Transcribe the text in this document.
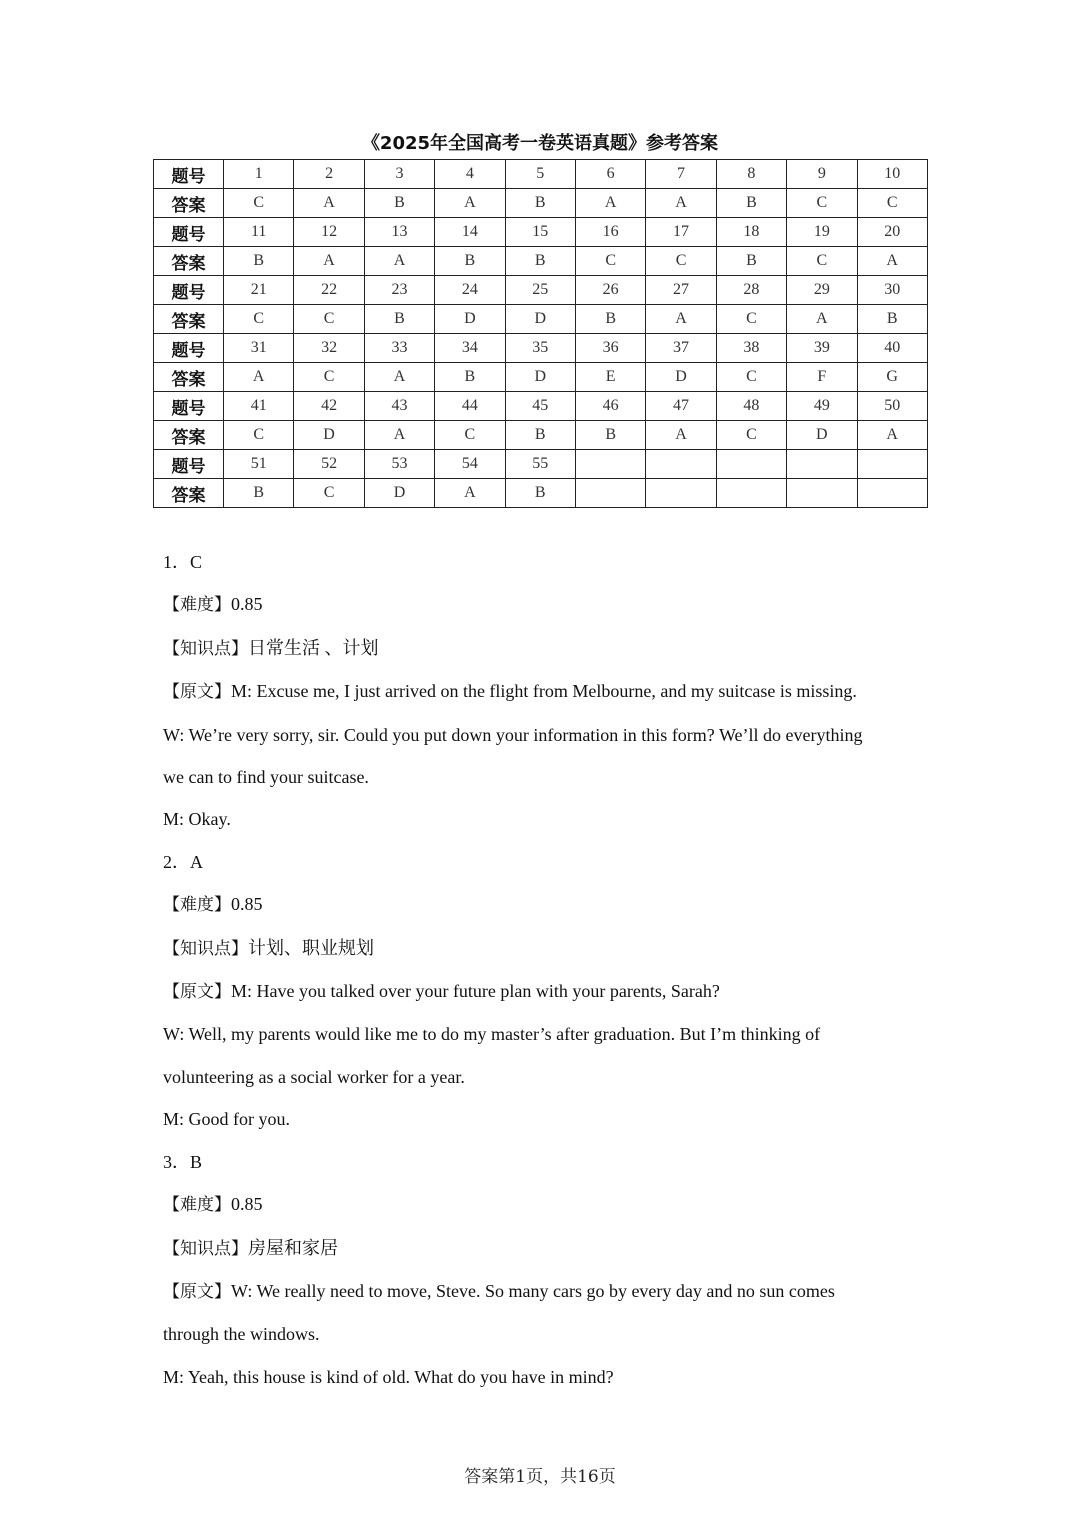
《2025年全国高考一卷英语真题》参考答案
题号	1	2	3	4	5	6	7	8	9	10
答案	C	A	B	A	B	A	A	B	C	C
题号	11	12	13	14	15	16	17	18	19	20
答案	B	A	A	B	B	C	C	B	C	A
题号	21	22	23	24	25	26	27	28	29	30
答案	C	C	B	D	D	B	A	C	A	B
题号	31	32	33	34	35	36	37	38	39	40
答案	A	C	A	B	D	E	D	C	F	G
题号	41	42	43	44	45	46	47	48	49	50
答案	C	D	A	C	B	B	A	C	D	A
题号	51	52	53	54	55					
答案	B	C	D	A	B					

1．C

【难度】0.85

【知识点】日常生活 、计划

【原文】M: Excuse me, I just arrived on the flight from Melbourne, and my suitcase is missing.

W: We’re very sorry, sir. Could you put down your information in this form? We’ll do everything

we can to find your suitcase.

M: Okay.

2．A

【难度】0.85

【知识点】计划、职业规划

【原文】M: Have you talked over your future plan with your parents, Sarah?

W: Well, my parents would like me to do my master’s after graduation. But I’m thinking of

volunteering as a social worker for a year.

M: Good for you.

3．B

【难度】0.85

【知识点】房屋和家居

【原文】W: We really need to move, Steve. So many cars go by every day and no sun comes

through the windows.

M: Yeah, this house is kind of old. What do you have in mind?

答案第1页，共16页
